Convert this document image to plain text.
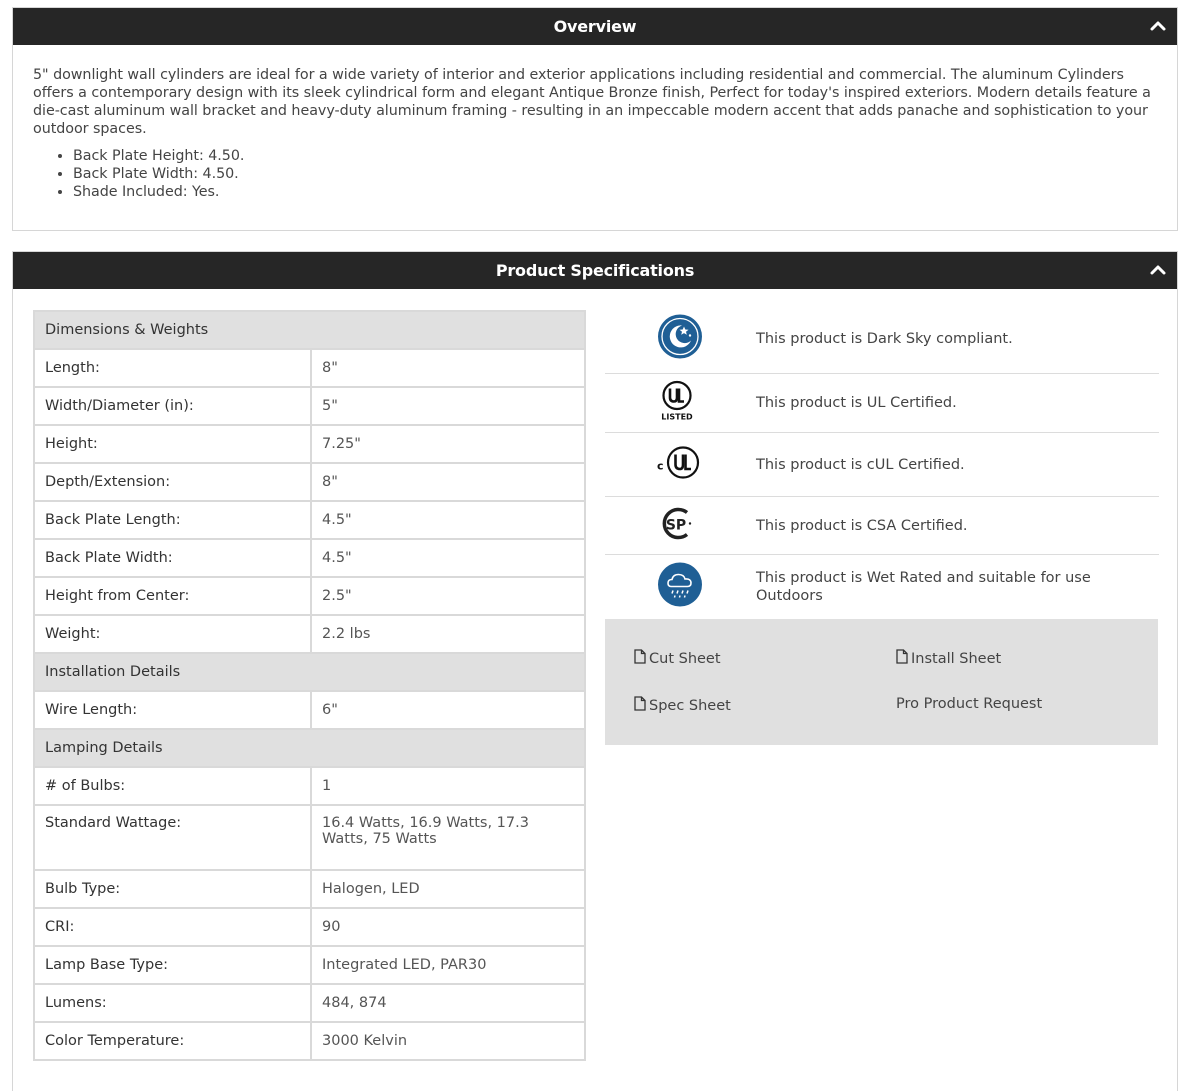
Overview
5" downlight wall cylinders are ideal for a wide variety of interior and exterior applications including residential and commercial. The aluminum Cylinders offers a contemporary design with its sleek cylindrical form and elegant Antique Bronze finish, Perfect for today's inspired exteriors. Modern details feature a die-cast aluminum wall bracket and heavy-duty aluminum framing - resulting in an impeccable modern accent that adds panache and sophistication to your outdoor spaces.
• Back Plate Height: 4.50.
• Back Plate Width: 4.50.
• Shade Included: Yes.
Product Specifications
Dimensions & Weights	
Length:	8"
Width/Diameter (in):	5"
Height:	7.25"
Depth/Extension:	8"
Back Plate Length:	4.5"
Back Plate Width:	4.5"
Height from Center:	2.5"
Weight:	2.2 lbs
Installation Details	
Wire Length:	6"
Lamping Details	
# of Bulbs:	1
Standard Wattage:	16.4 Watts, 16.9 Watts, 17.3 Watts, 75 Watts
Bulb Type:	Halogen, LED
CRI:	90
Lamp Base Type:	Integrated LED, PAR30
Lumens:	484, 874
Color Temperature:	3000 Kelvin
This product is Dark Sky compliant.
LISTED
This product is UL Certified.
c	This product is cUL Certified.
SP	This product is CSA Certified.
This product is Wet Rated and suitable for use Outdoors
Cut Sheet	Install Sheet
Spec Sheet	Pro Product Request
